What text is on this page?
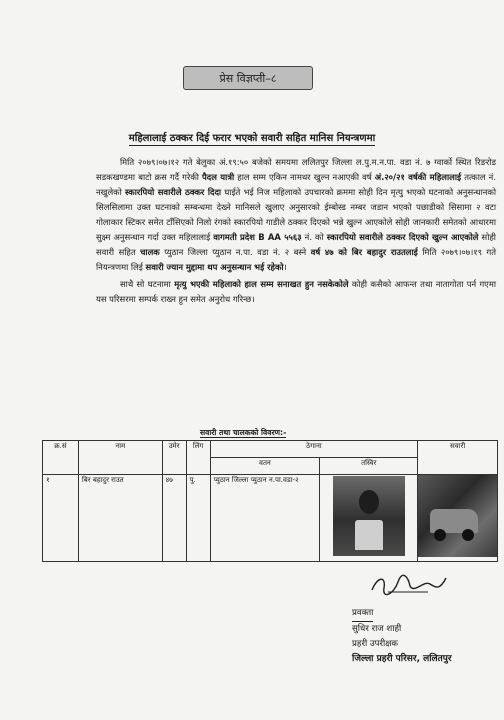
प्रेस विज्ञप्ती–८
महिलालाई ठक्कर दिई फरार भएको सवारी सहित मानिस नियन्त्रणमा

मिति २०७९।०७।१२ गते बेलुका अं.१९:५० बजेको समयमा ललितपुर जिल्ला ल.पु.म.न.पा. वडा नं. ७ ग्वार्को स्थित रिङरोड सडकखण्डमा बाटो क्रस गर्दै गरेकी पैदल यात्री हाल सम्म एकिन नामथर खुल्न नआएकी वर्ष अं.२०/२१ वर्षकी महिलालाई तत्काल नं. नखुलेको स्कारपियो सवारीले ठक्कर दिदा घाईते भई निज महिलाको उपचारको क्रममा सोही दिन मृत्यु भएको घटनाको अनुसन्धानको सिलसिलामा उक्त घटनाको सम्बन्धमा देख्ने मानिसले खुलाए अनुसारको ईम्बोस्ड नम्बर जडान भएको पछाडीको सिसामा २ वटा गोलाकार स्टिकर समेत टाँसिएको निलो रंगको स्कारपियो गाडीले ठक्कर दिएको भन्ने खुल्न आएकोले सोही जानकारी समेतको आधारमा सुक्ष्म अनुसन्धान गर्दा उक्त महिलालाई वागमती प्रदेश B AA ५५६३ नं. को स्कारपियो सवारीले ठक्कर दिएको खुल्न आएकोले सोही सवारी सहित चालक प्युठान जिल्ला प्युठान न.पा. वडा नं. २ बस्ने वर्ष ४७ को बिर बहादुर राउतलाई मिति २०७९।०७।१९ गते नियन्त्रणमा लिई सवारी ज्यान मुद्दामा थप अनुसन्धान भई रहेको।

साथै सो घटनामा मृत्यु भएकी महिलाको हाल सम्म सनाखत हुन नसकेकोले कोही कसैको आफन्त तथा नातागोता पर्न गएमा यस परिसरमा सम्पर्क राख्न हुन समेत अनुरोध गरिन्छ।

सवारी तथा चालकको विवरण:-
क्र.सं	नाम	उमेर	लिंग	ठेगाना		सवारी
				वतन	तस्विर	
१	बिर बहादुर राउत	४७	पु.	प्युठान जिल्ला प्युठान न.पा.वडा-२	

प्रवक्ता
सुधिर राज शाही
प्रहरी उपरीक्षक
जिल्ला प्रहरी परिसर, ललितपुर
